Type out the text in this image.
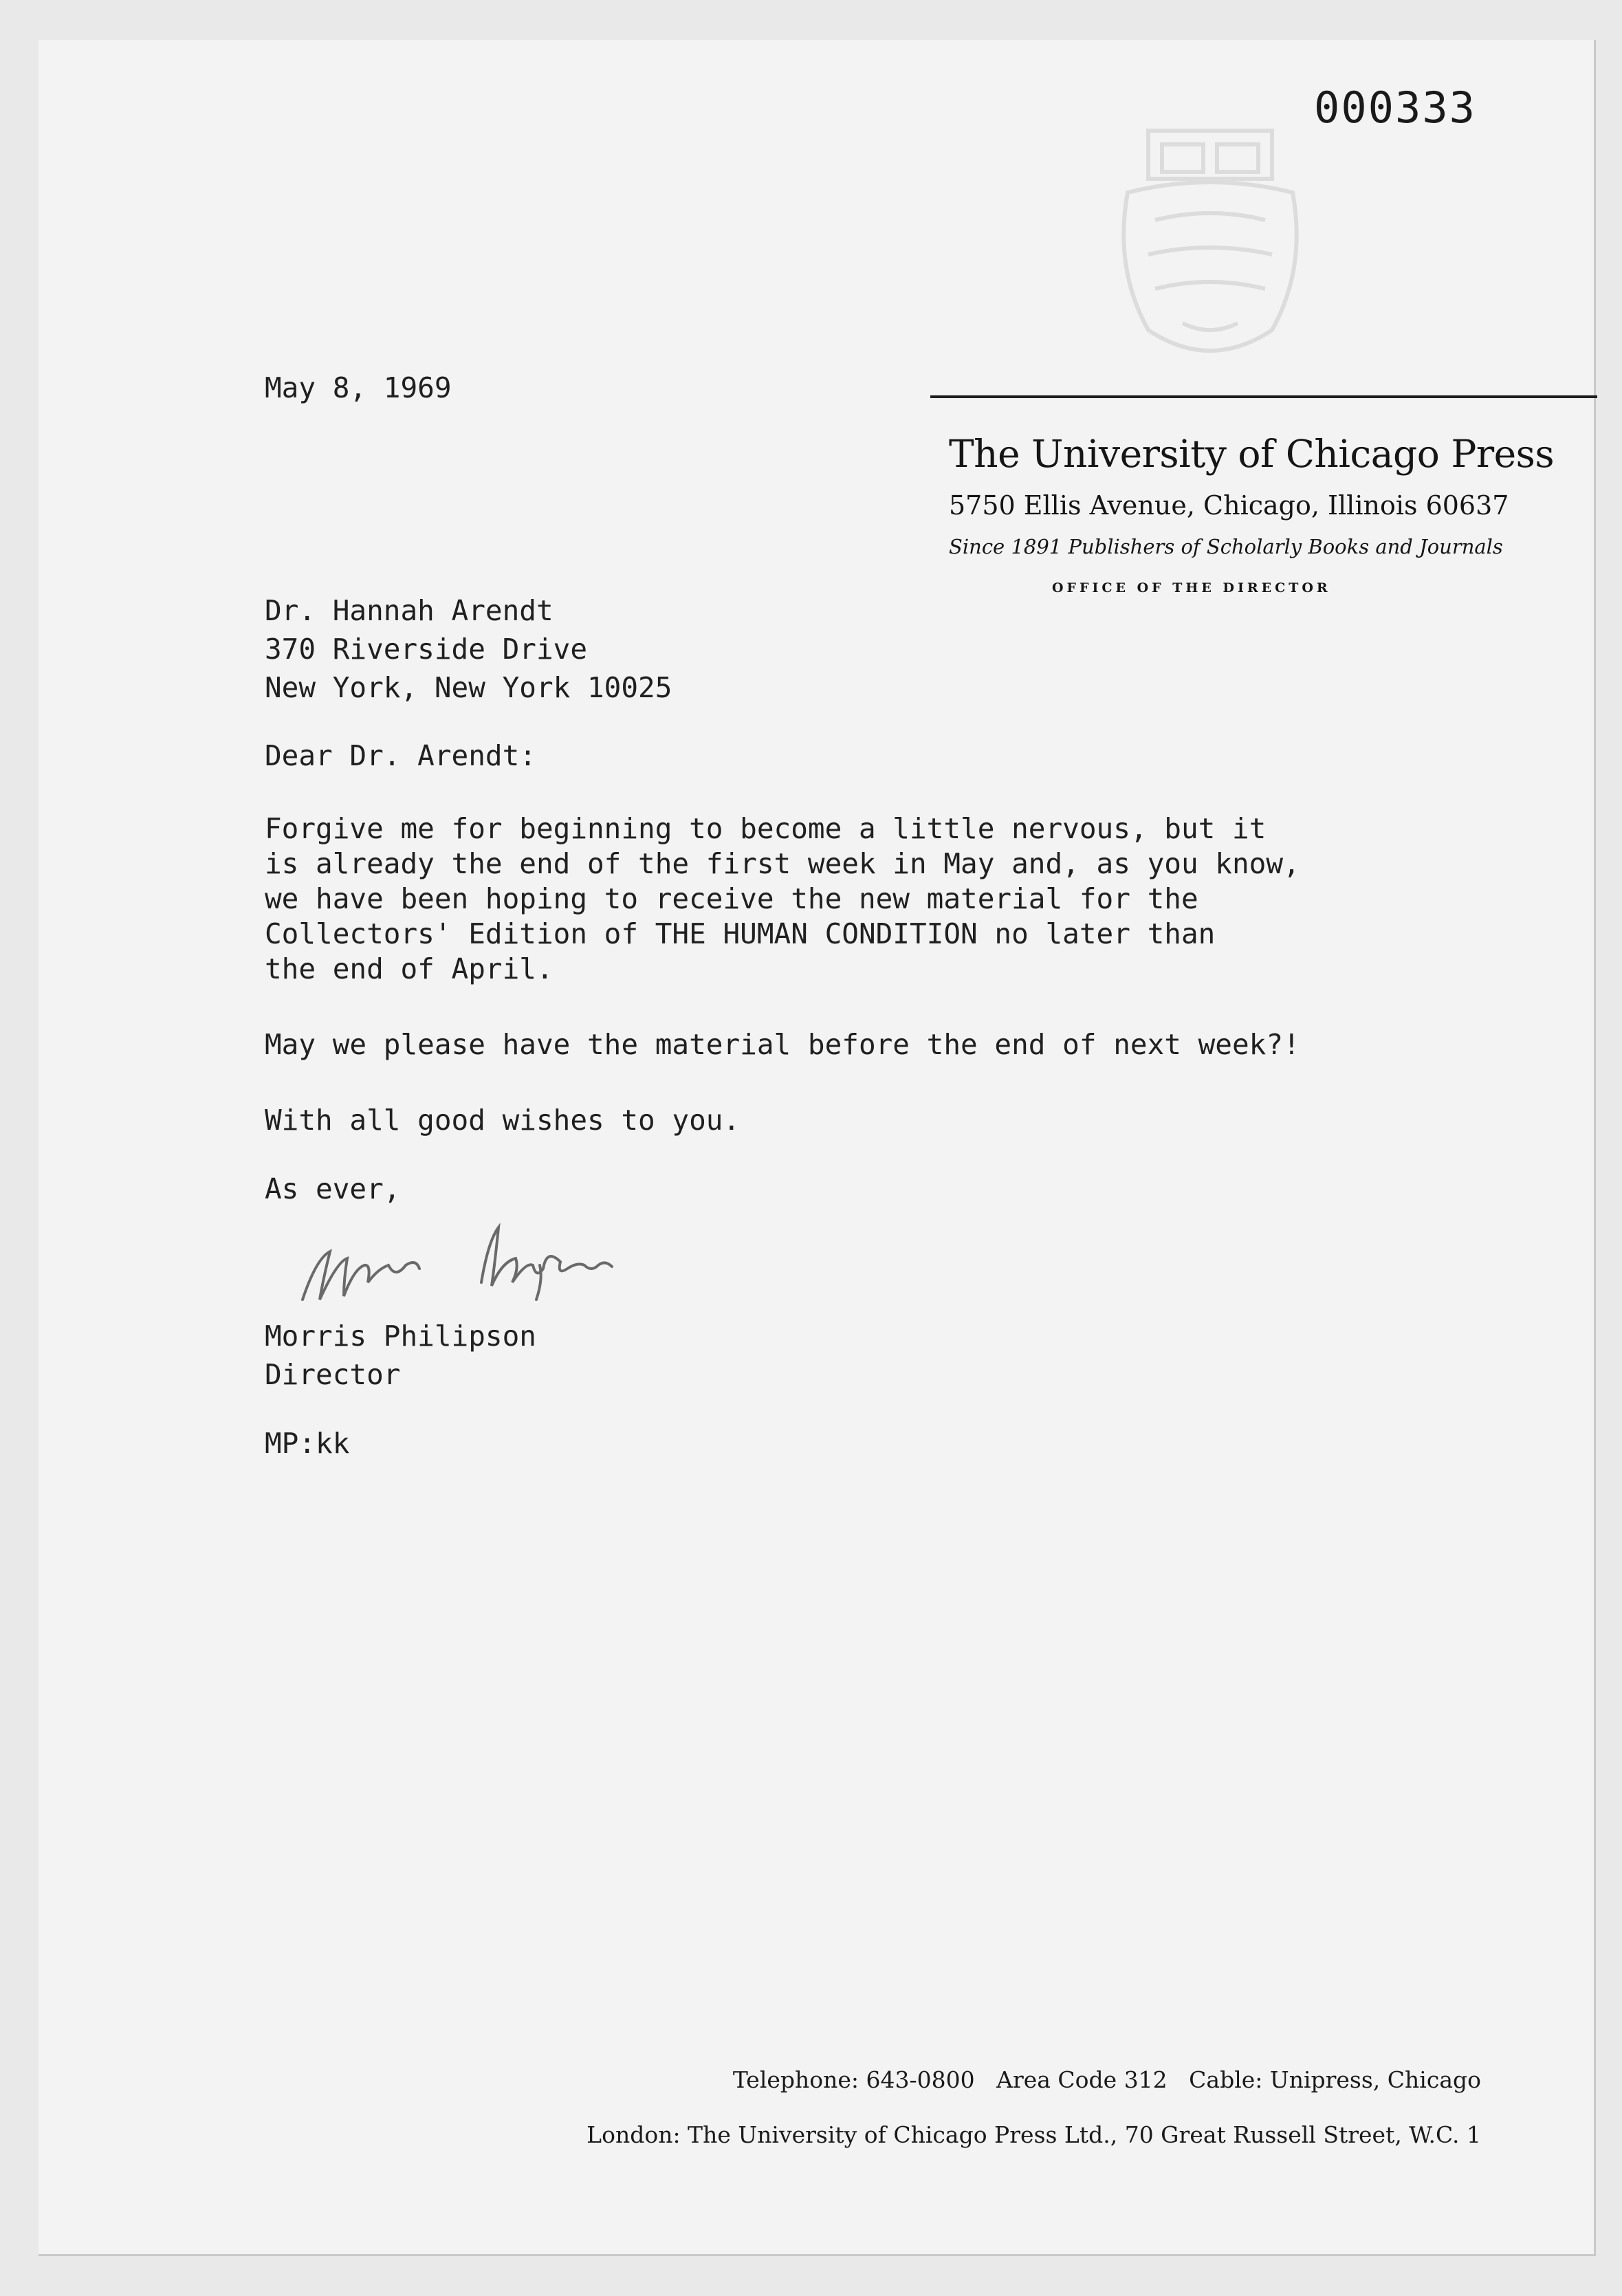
000333
The University of Chicago Press
5750 Ellis Avenue, Chicago, Illinois 60637
Since 1891 Publishers of Scholarly Books and Journals
OFFICE OF THE DIRECTOR
May 8, 1969
Dr. Hannah Arendt
370 Riverside Drive
New York, New York 10025
Dear Dr. Arendt:
Forgive me for beginning to become a little nervous, but it
is already the end of the first week in May and, as you know,
we have been hoping to receive the new material for the
Collectors' Edition of THE HUMAN CONDITION no later than
the end of April.
May we please have the material before the end of next week?!
With all good wishes to you.
As ever,
Morris Philipson
Director
MP:kk
Telephone: 643-0800   Area Code 312   Cable: Unipress, Chicago
London: The University of Chicago Press Ltd., 70 Great Russell Street, W.C. 1
